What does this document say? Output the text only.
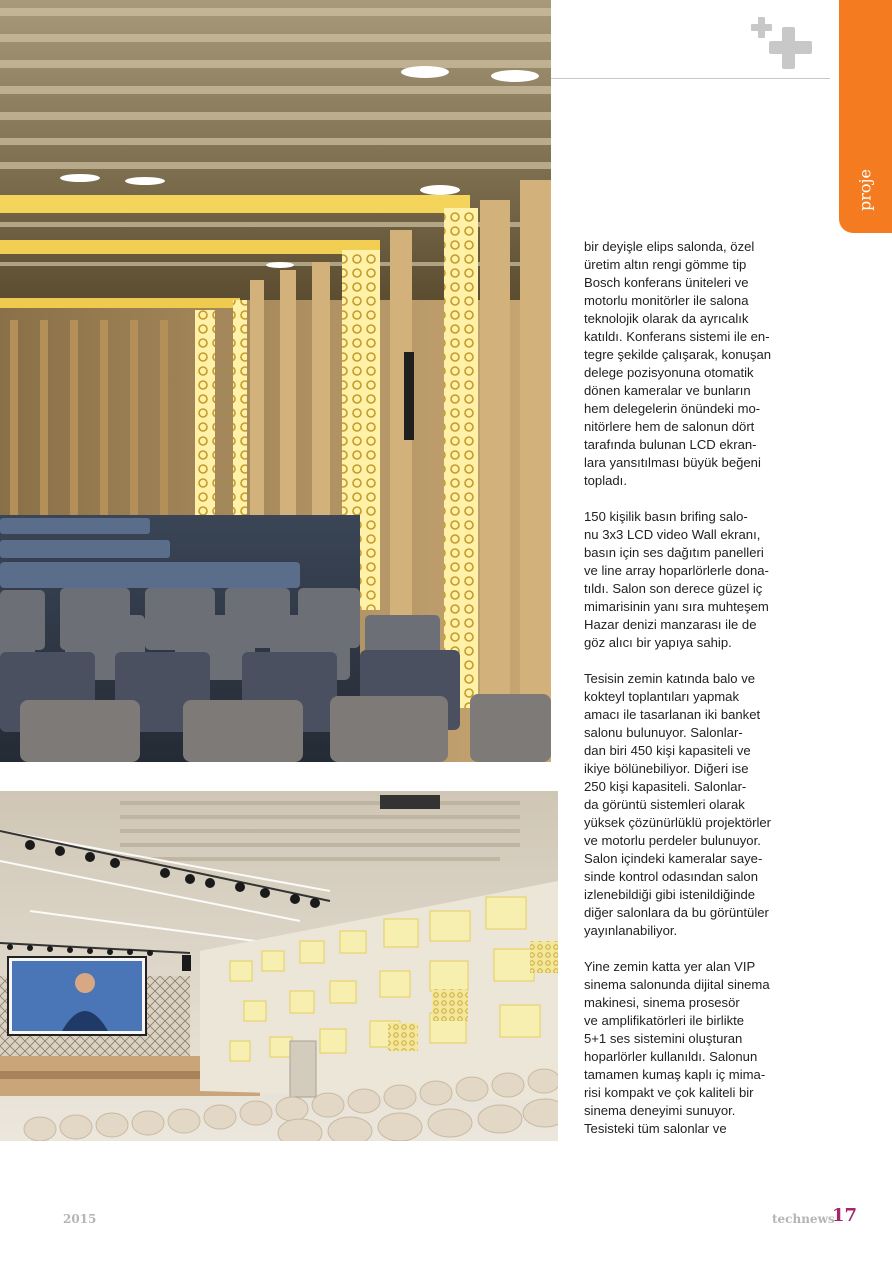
proje

bir deyişle elips salonda, özel
üretim altın rengi gömme tip
Bosch konferans üniteleri ve
motorlu monitörler ile salona
teknolojik olarak da ayrıcalık
katıldı. Konferans sistemi ile en-
tegre şekilde çalışarak, konuşan
delege pozisyonuna otomatik
dönen kameralar ve bunların
hem delegelerin önündeki mo-
nitörlere hem de salonun dört
tarafında bulunan LCD ekran-
lara yansıtılması büyük beğeni
topladı.

150 kişilik basın brifing salo-
nu 3x3 LCD video Wall ekranı,
basın için ses dağıtım panelleri
ve line array hoparlörlerle dona-
tıldı. Salon son derece güzel iç
mimarisinin yanı sıra muhteşem
Hazar denizi manzarası ile de
göz alıcı bir yapıya sahip.

Tesisin zemin katında balo ve
kokteyl toplantıları yapmak
amacı ile tasarlanan iki banket
salonu bulunuyor. Salonlar-
dan biri 450 kişi kapasiteli ve
ikiye bölünebiliyor. Diğeri ise
250 kişi kapasiteli. Salonlar-
da görüntü sistemleri olarak
yüksek çözünürlüklü projektörler
ve motorlu perdeler bulunuyor.
Salon içindeki kameralar saye-
sinde kontrol odasından salon
izlenebildiği gibi istenildiğinde
diğer salonlara da bu görüntüler
yayınlanabiliyor.

Yine zemin katta yer alan VIP
sinema salonunda dijital sinema
makinesi, sinema prosesör
ve amplifikatörleri ile birlikte
5+1 ses sistemini oluşturan
hoparlörler kullanıldı. Salonun
tamamen kumaş kaplı iç mima-
risi kompakt ve çok kaliteli bir
sinema deneyimi sunuyor.
Tesisteki tüm salonlar ve

2015	technews
17
